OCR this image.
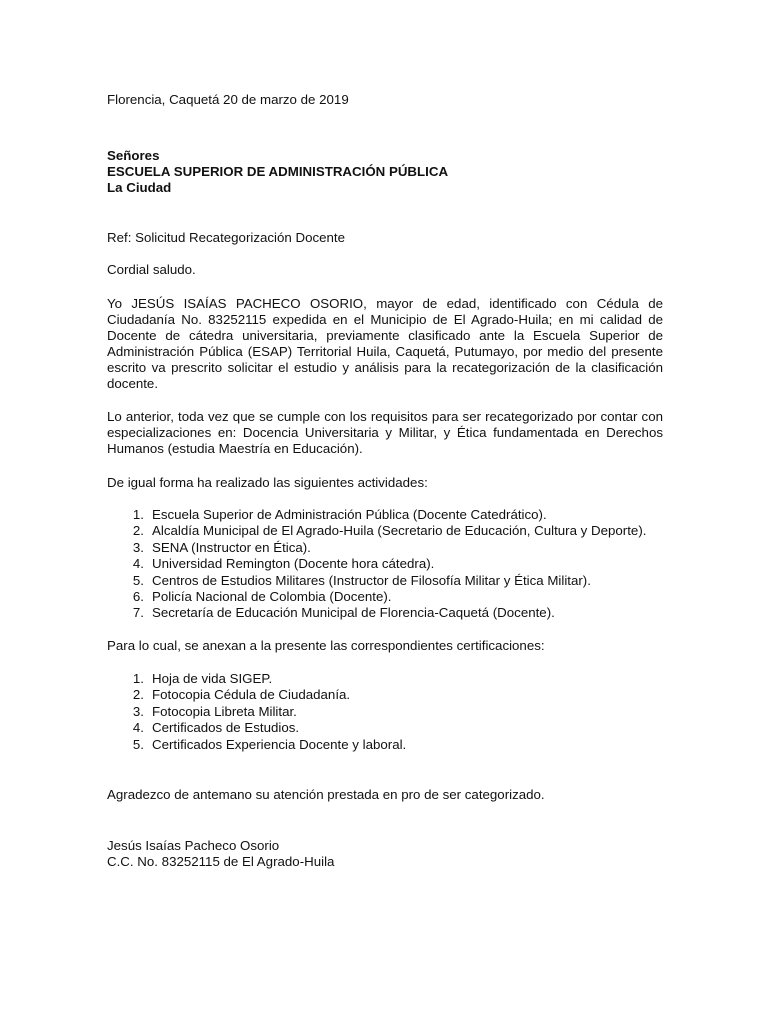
Florencia, Caquetá 20 de marzo de 2019
Señores
ESCUELA SUPERIOR DE ADMINISTRACIÓN PÚBLICA
La Ciudad
Ref: Solicitud Recategorización Docente
Cordial saludo.
Yo JESÚS ISAÍAS PACHECO OSORIO, mayor de edad, identificado con Cédula de Ciudadanía No. 83252115 expedida en el Municipio de El Agrado-Huila; en mi calidad de Docente de cátedra universitaria, previamente clasificado ante la Escuela Superior de Administración Pública (ESAP) Territorial Huila, Caquetá, Putumayo, por medio del presente escrito va prescrito solicitar el estudio y análisis para la recategorización de la clasificación docente.
Lo anterior, toda vez que se cumple con los requisitos para ser recategorizado por contar con especializaciones en: Docencia Universitaria y Militar, y Ética fundamentada en Derechos Humanos (estudia Maestría en Educación).
De igual forma ha realizado las siguientes actividades:
1. Escuela Superior de Administración Pública (Docente Catedrático).
2. Alcaldía Municipal de El Agrado-Huila (Secretario de Educación, Cultura y Deporte).
3. SENA (Instructor en Ética).
4. Universidad Remington (Docente hora cátedra).
5. Centros de Estudios Militares (Instructor de Filosofía Militar y Ética Militar).
6. Policía Nacional de Colombia (Docente).
7. Secretaría de Educación Municipal de Florencia-Caquetá (Docente).
Para lo cual, se anexan a la presente las correspondientes certificaciones:
1. Hoja de vida SIGEP.
2. Fotocopia Cédula de Ciudadanía.
3. Fotocopia Libreta Militar.
4. Certificados de Estudios.
5. Certificados Experiencia Docente y laboral.
Agradezco de antemano su atención prestada en pro de ser categorizado.
Jesús Isaías Pacheco Osorio
C.C. No. 83252115 de El Agrado-Huila
